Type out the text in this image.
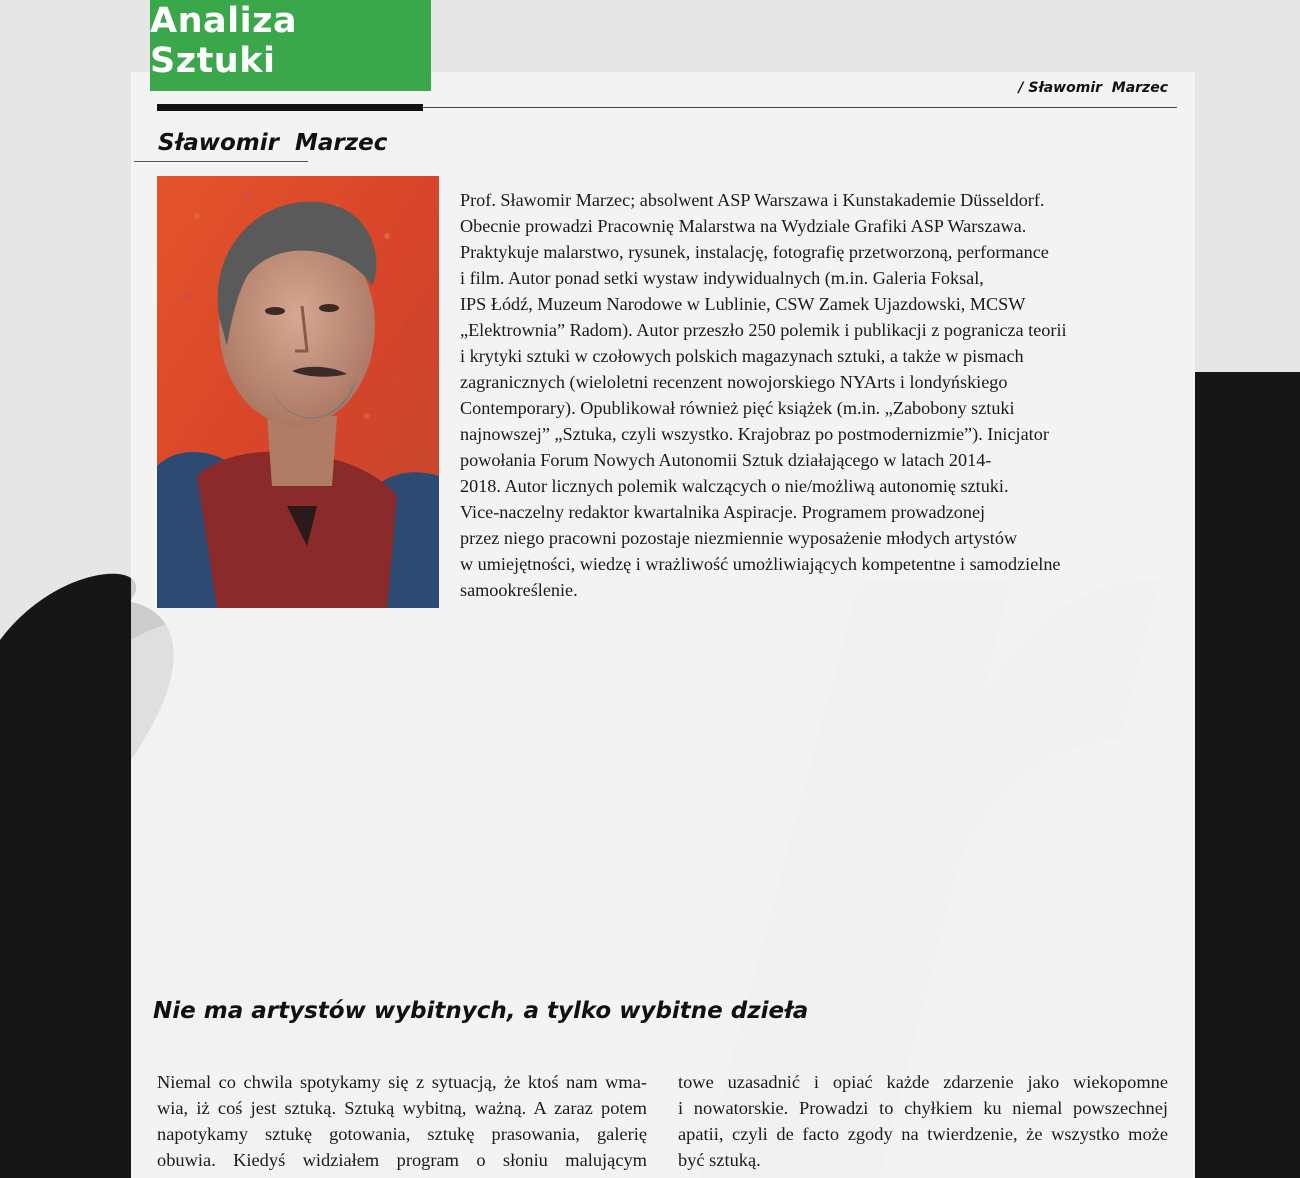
Analiza Sztuki
/ Sławomir  Marzec
Sławomir  Marzec
Prof. Sławomir Marzec; absolwent ASP Warszawa i Kunstakademie Düsseldorf.
Obecnie prowadzi Pracownię Malarstwa na Wydziale Grafiki ASP Warszawa.
Praktykuje malarstwo, rysunek, instalację, fotografię przetworzoną, performance
i film. Autor ponad setki wystaw indywidualnych (m.in. Galeria Foksal,
IPS Łódź, Muzeum Narodowe w Lublinie, CSW Zamek Ujazdowski, MCSW
„Elektrownia” Radom). Autor przeszło 250 polemik i publikacji z pogranicza teorii
i krytyki sztuki w czołowych polskich magazynach sztuki, a także w pismach
zagranicznych (wieloletni recenzent nowojorskiego NYArts i londyńskiego
Contemporary). Opublikował również pięć książek (m.in. „Zabobony sztuki
najnowszej” „Sztuka, czyli wszystko. Krajobraz po postmodernizmie”). Inicjator
powołania Forum Nowych Autonomii Sztuk działającego w latach 2014-
2018. Autor licznych polemik walczących o nie/możliwą autonomię sztuki.
Vice-naczelny redaktor kwartalnika Aspiracje. Programem prowadzonej
przez niego pracowni pozostaje niezmiennie wyposażenie młodych artystów
w umiejętności, wiedzę i wrażliwość umożliwiających kompetentne i samodzielne
samookreślenie.
Nie ma artystów wybitnych, a tylko wybitne dzieła
Niemal co chwila spotykamy się z sytuacją, że ktoś nam wma-
wia, iż coś jest sztuką. Sztuką wybitną, ważną. A zaraz potem
napotykamy sztukę gotowania, sztukę prasowania, galerię
obuwia. Kiedyś widziałem program o słoniu malującym
towe uzasadnić i opiać każde zdarzenie jako wiekopomne
i nowatorskie. Prowadzi to chyłkiem ku niemal powszechnej
apatii, czyli de facto zgody na twierdzenie, że wszystko może
być sztuką.
